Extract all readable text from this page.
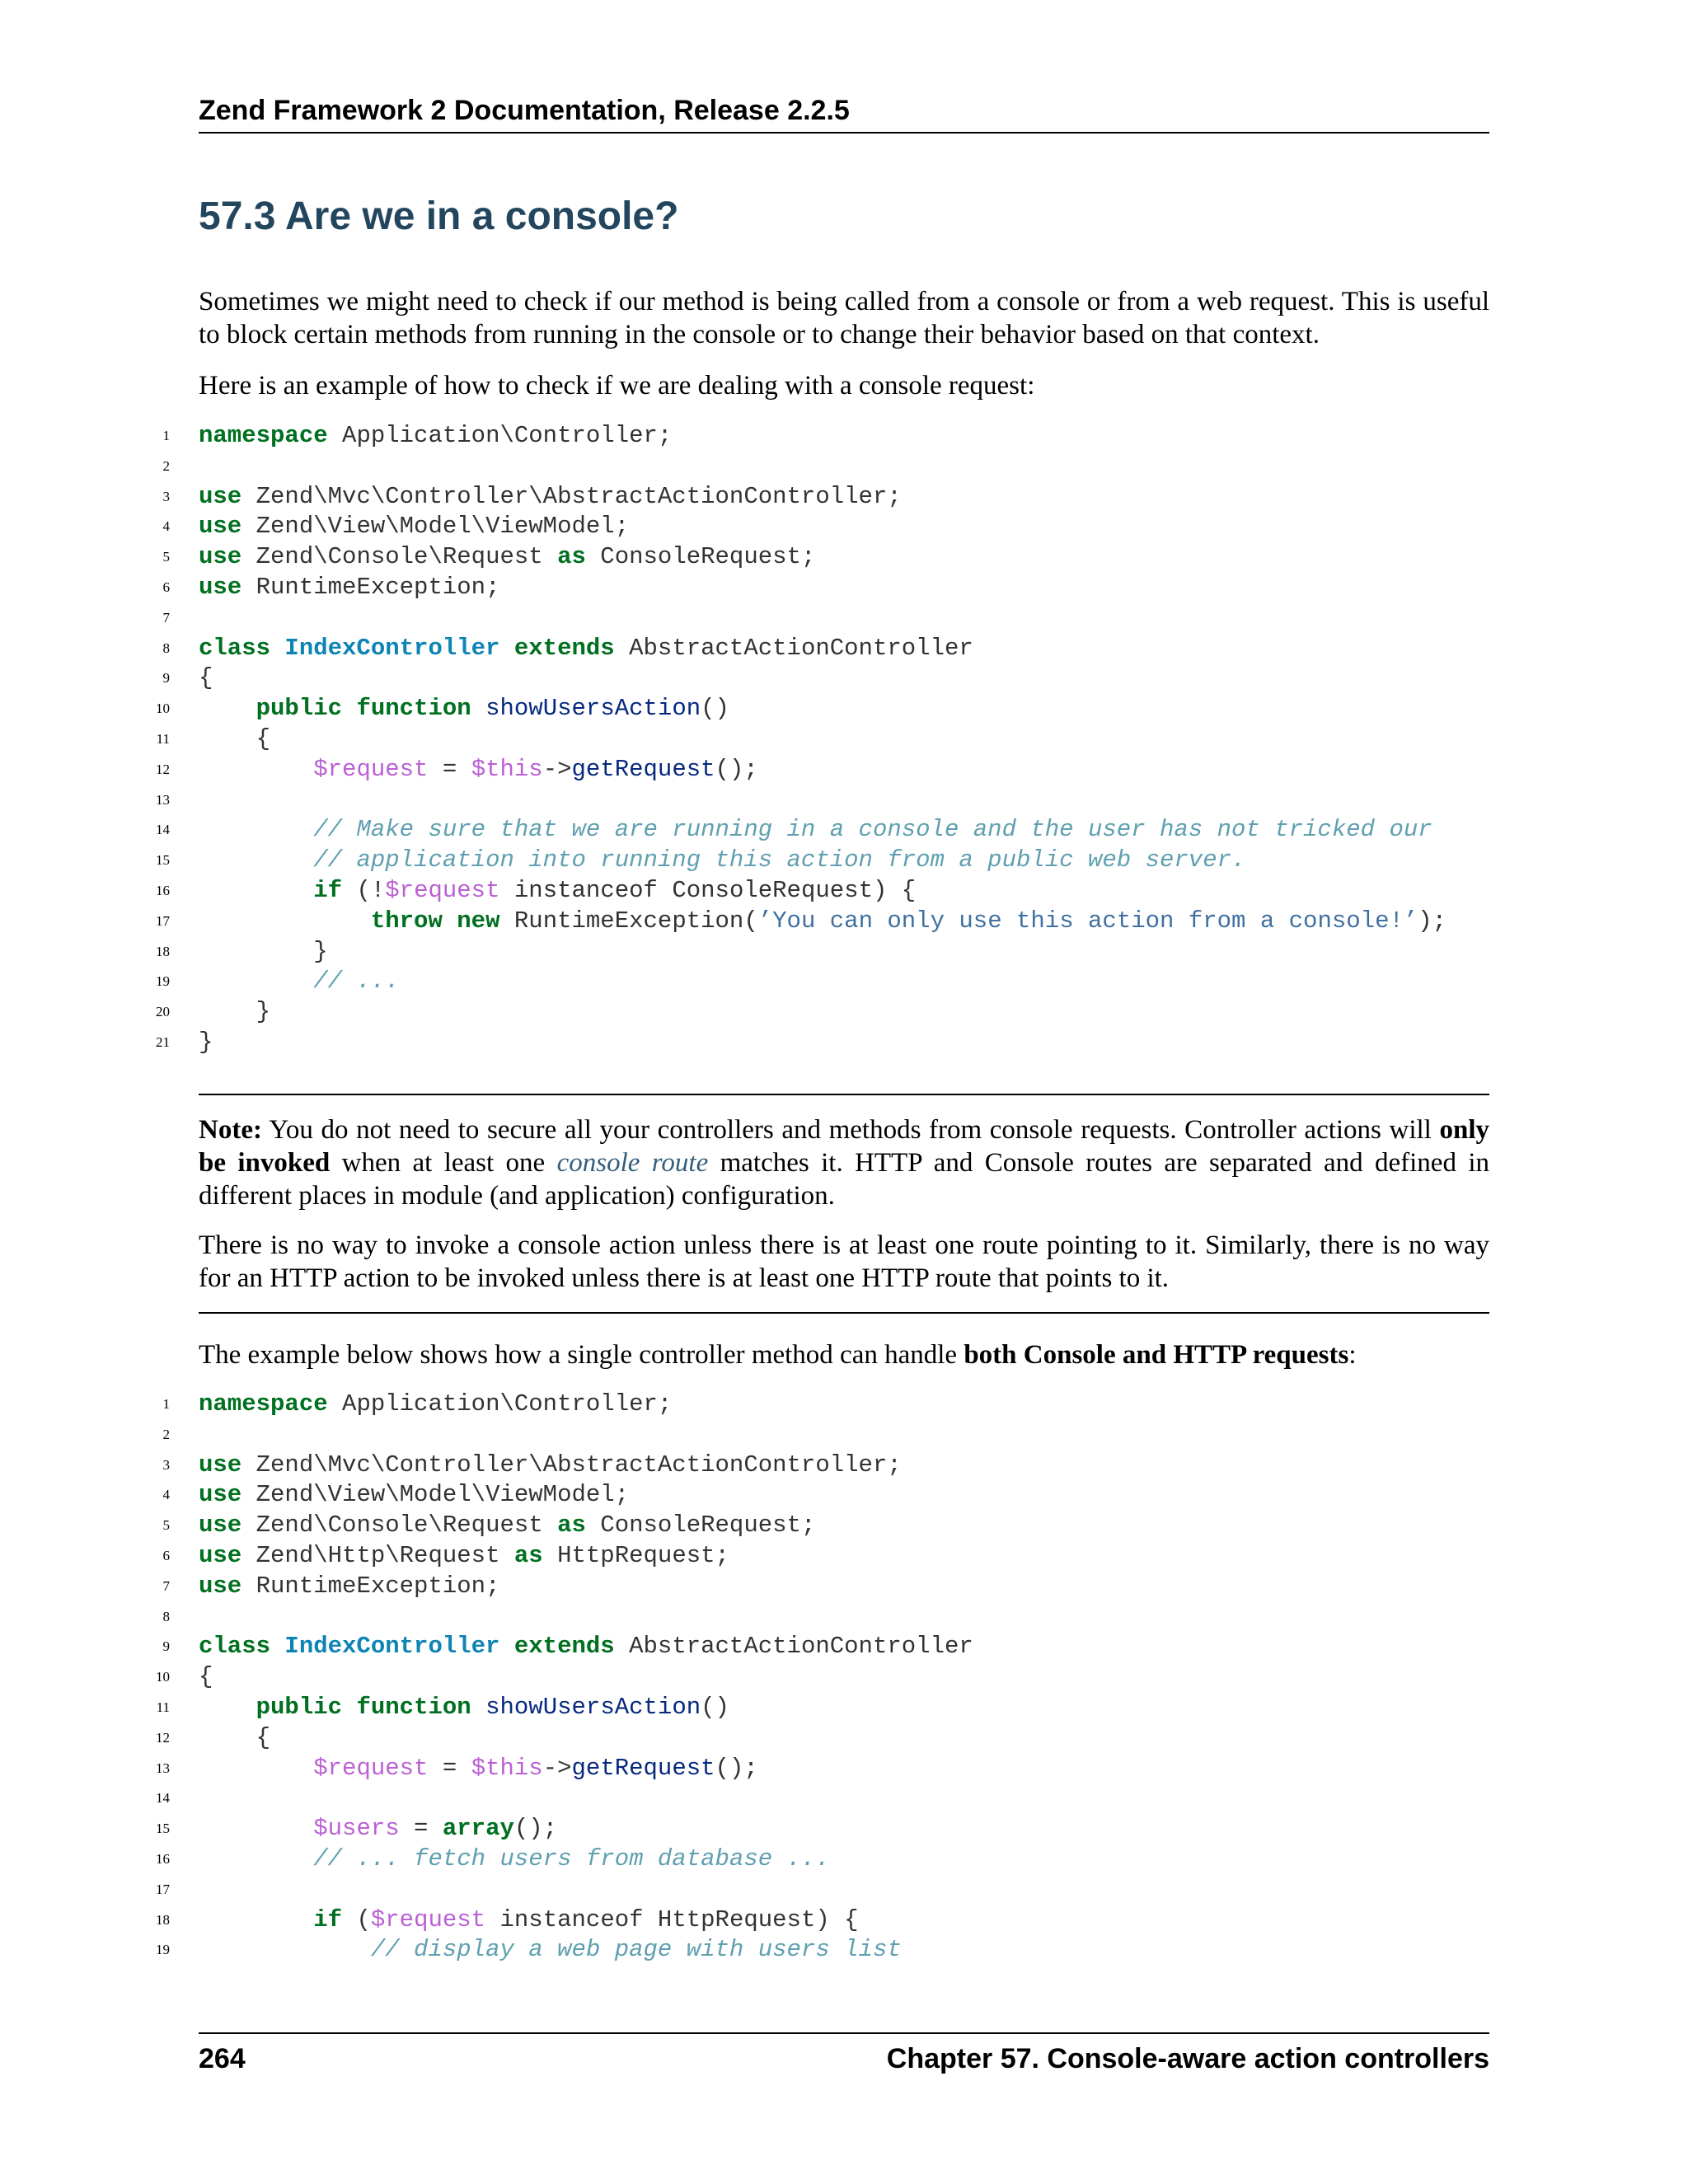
Zend Framework 2 Documentation, Release 2.2.5
57.3 Are we in a console?

Sometimes we might need to check if our method is being called from a console or from a web request. This is useful to block certain methods from running in the console or to change their behavior based on that context.

Here is an example of how to check if we are dealing with a console request:

1 namespace Application\Controller;
2
3 use Zend\Mvc\Controller\AbstractActionController;
4 use Zend\View\Model\ViewModel;
5 use Zend\Console\Request as ConsoleRequest;
6 use RuntimeException;
7
8 class IndexController extends AbstractActionController
9 {
10	public function showUsersAction()
11 {
12	$request = $this->getRequest();
13
14	// Make sure that we are running in a console and the user has not tricked our
15	// application into running this action from a public web server.
16	if (!$request instanceof ConsoleRequest) {
17	throw new RuntimeException(’You can only use this action from a console!’);
18 }
19	// ...
20 }
21 }

Note: You do not need to secure all your controllers and methods from console requests. Controller actions will only be invoked when at least one console route matches it. HTTP and Console routes are separated and defined in different places in module (and application) configuration.

There is no way to invoke a console action unless there is at least one route pointing to it. Similarly, there is no way for an HTTP action to be invoked unless there is at least one HTTP route that points to it.

The example below shows how a single controller method can handle both Console and HTTP requests:

1 namespace Application\Controller;
2
3 use Zend\Mvc\Controller\AbstractActionController;
4 use Zend\View\Model\ViewModel;
5 use Zend\Console\Request as ConsoleRequest;
6 use Zend\Http\Request as HttpRequest;
7 use RuntimeException;
8
9 class IndexController extends AbstractActionController
10 {
11	public function showUsersAction()
12 {
13	$request = $this->getRequest();
14
15	$users = array();
16	// ... fetch users from database ...
17
18	if ($request instanceof HttpRequest) {
19	// display a web page with users list
264	Chapter 57. Console-aware action controllers
